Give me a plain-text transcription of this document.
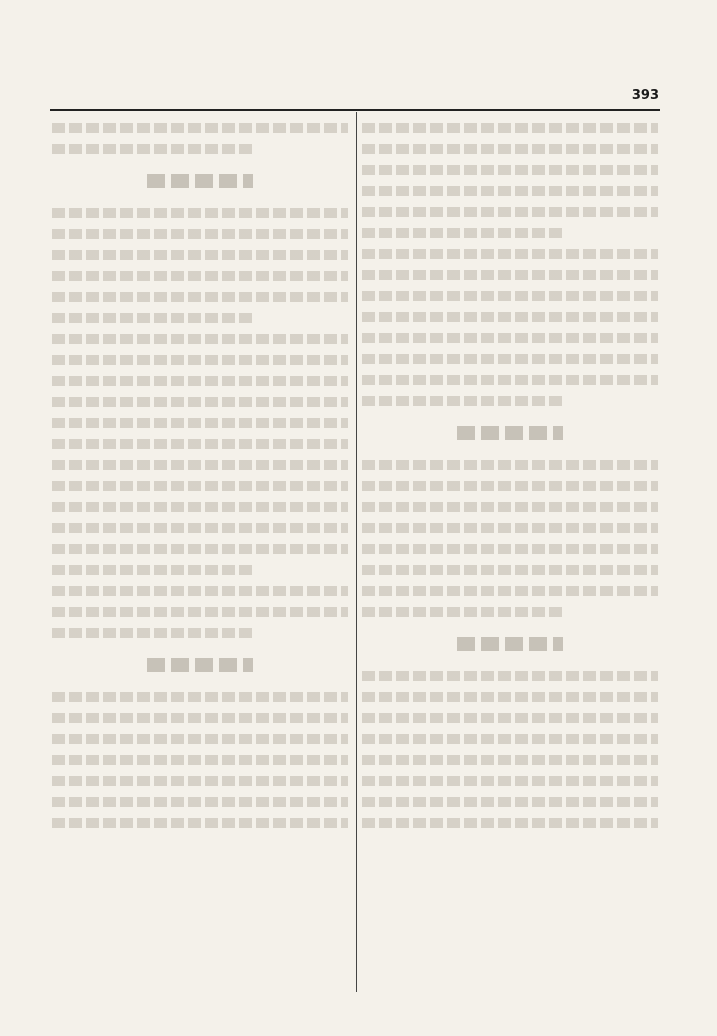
393
